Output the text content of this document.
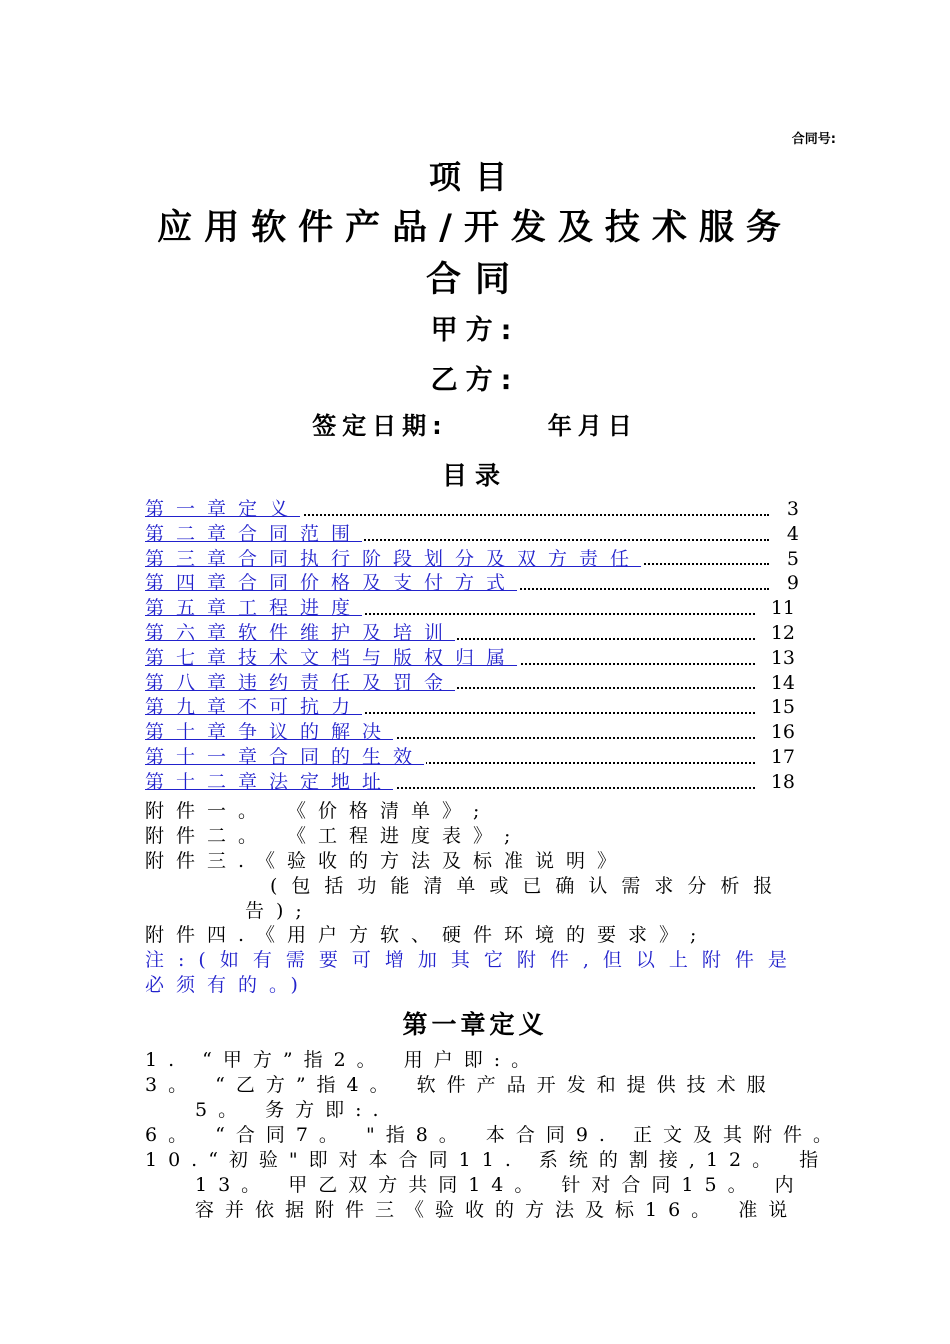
合同号:
项目
应用软件产品/开发及技术服务
合同
甲方:
乙方:
签定日期:	年月日
目录
第一章定义	3
第二章合同范围	4
第三章合同执行阶段划分及双方责任	5
第四章合同价格及支付方式	9
第五章工程进度	11
第六章软件维护及培训	12
第七章技术文档与版权归属	13
第八章违约责任及罚金	14
第九章不可抗力	15
第十章争议的解决	16
第十一章合同的生效	17
第十二章法定地址	18
附件一。 《价格清单》;
附件二。 《工程进度表》;
附件三.《验收的方法及标准说明》
(包括功能清单或已确认需求分析报
告);
附件四.《用户方软、硬件环境的要求》;
注:(如有需要可增加其它附件,但以上附件是
必须有的。)
第一章定义
1. “甲方”指2。 用户即:。
3。 “乙方”指4。 软件产品开发和提供技术服
5。 务方即:.
6。 “合同7。 "指8。 本合同9. 正文及其附件。
10.“初验"即对本合同11. 系统的割接,12。 指
13。 甲乙双方共同14。 针对合同15。 内
容并依据附件三《验收的方法及标16。 准说
